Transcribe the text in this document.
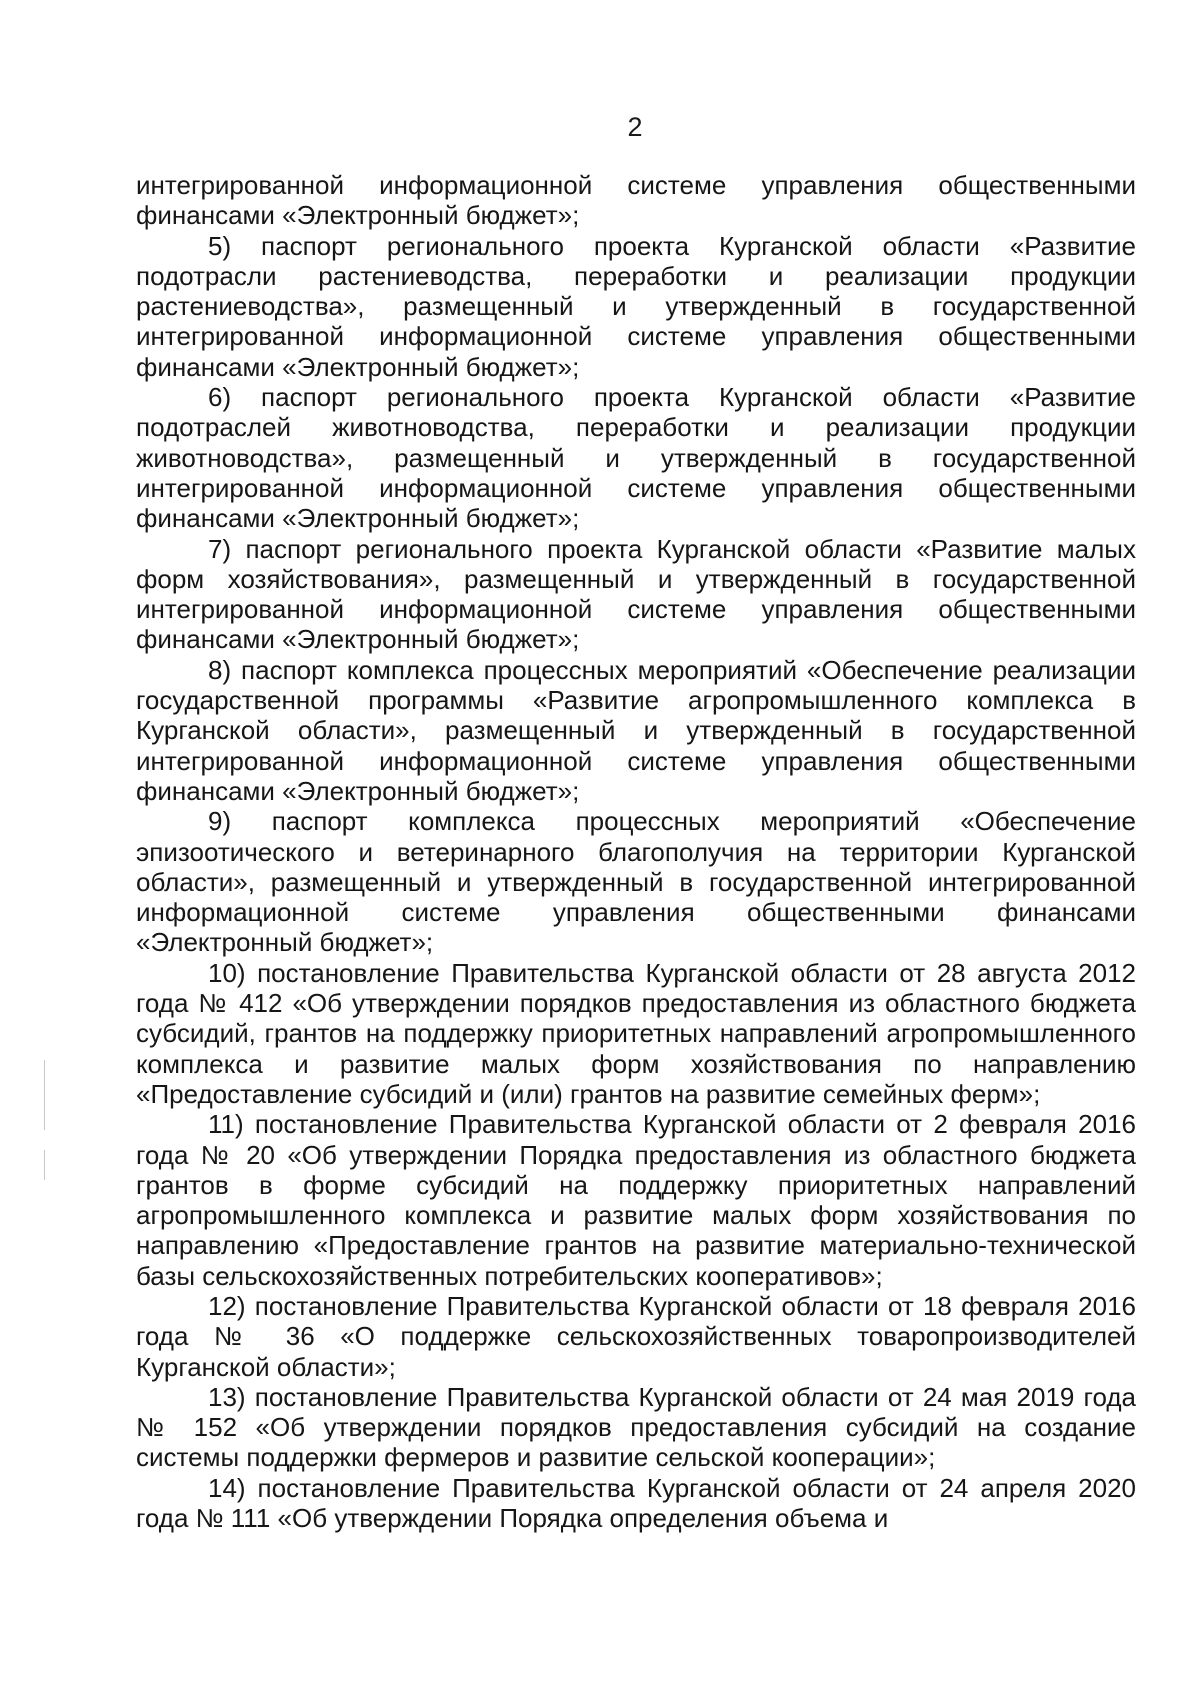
2

интегрированной информационной системе управления общественными финансами «Электронный бюджет»;

5) паспорт регионального проекта Курганской области «Развитие подотрасли растениеводства, переработки и реализации продукции растениеводства», размещенный и утвержденный в государственной интегрированной информационной системе управления общественными финансами «Электронный бюджет»;

6) паспорт регионального проекта Курганской области «Развитие подотраслей животноводства, переработки и реализации продукции животноводства», размещенный и утвержденный в государственной интегрированной информационной системе управления общественными финансами «Электронный бюджет»;

7) паспорт регионального проекта Курганской области «Развитие малых форм хозяйствования», размещенный и утвержденный в государственной интегрированной информационной системе управления общественными финансами «Электронный бюджет»;

8) паспорт комплекса процессных мероприятий «Обеспечение реализации государственной программы «Развитие агропромышленного комплекса в Курганской области», размещенный и утвержденный в государственной интегрированной информационной системе управления общественными финансами «Электронный бюджет»;

9) паспорт комплекса процессных мероприятий «Обеспечение эпизоотического и ветеринарного благополучия на территории Курганской области», размещенный и утвержденный в государственной интегрированной информационной системе управления общественными финансами «Электронный бюджет»;

10) постановление Правительства Курганской области от 28 августа 2012 года № 412 «Об утверждении порядков предоставления из областного бюджета субсидий, грантов на поддержку приоритетных направлений агропромышленного комплекса и развитие малых форм хозяйствования по направлению «Предоставление субсидий и (или) грантов на развитие семейных ферм»;

11) постановление Правительства Курганской области от 2 февраля 2016 года № 20 «Об утверждении Порядка предоставления из областного бюджета грантов в форме субсидий на поддержку приоритетных направлений агропромышленного комплекса и развитие малых форм хозяйствования по направлению «Предоставление грантов на развитие материально-технической базы сельскохозяйственных потребительских кооперативов»;

12) постановление Правительства Курганской области от 18 февраля 2016 года № 36 «О поддержке сельскохозяйственных товаропроизводителей Курганской области»;

13) постановление Правительства Курганской области от 24 мая 2019 года № 152 «Об утверждении порядков предоставления субсидий на создание системы поддержки фермеров и развитие сельской кооперации»;

14) постановление Правительства Курганской области от 24 апреля 2020 года № 111 «Об утверждении Порядка определения объема и
